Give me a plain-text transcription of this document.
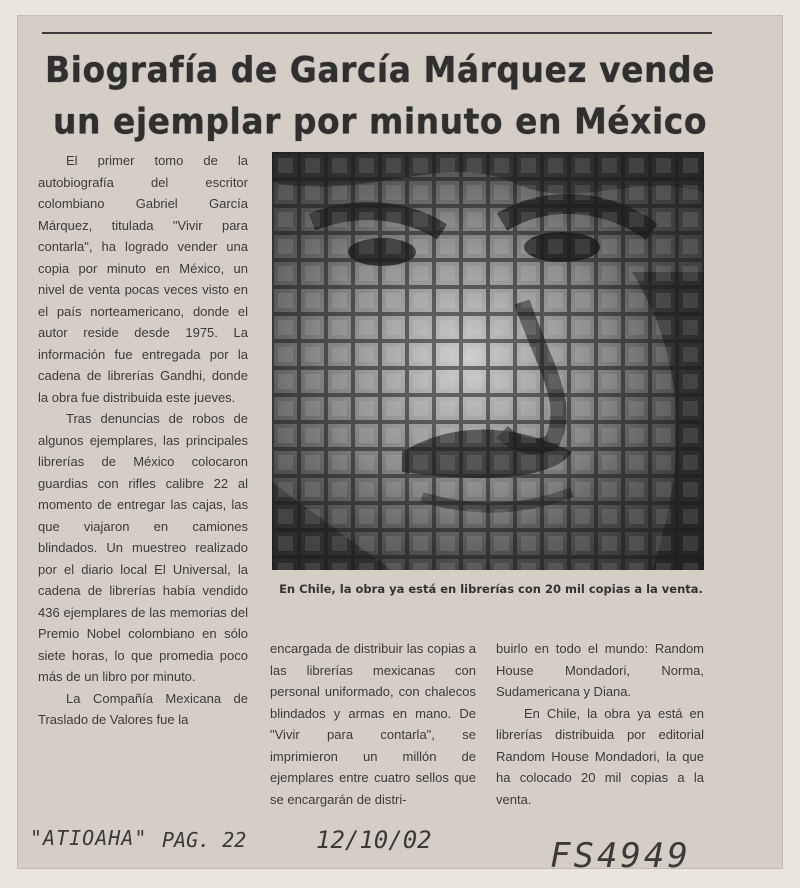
Biografía de García Márquez vende un ejemplar por minuto en México

El primer tomo de la autobiografía del escritor colombiano Gabriel García Márquez, titulada "Vivir para contarla", ha logrado vender una copia por minuto en México, un nivel de venta pocas veces visto en el país norteamericano, donde el autor reside desde 1975. La información fue entregada por la cadena de librerías Gandhi, donde la obra fue distribuida este jueves.

Tras denuncias de robos de algunos ejemplares, las principales librerías de México colocaron guardias con rifles calibre 22 al momento de entregar las cajas, las que viajaron en camiones blindados. Un muestreo realizado por el diario local El Universal, la cadena de librerías había vendido 436 ejemplares de las memorias del Premio Nobel colombiano en sólo siete horas, lo que promedia poco más de un libro por minuto.

La Compañía Mexicana de Traslado de Valores fue la

En Chile, la obra ya está en librerías con 20 mil copias a la venta.

encargada de distribuir las copias a las librerías mexicanas con personal uniformado, con chalecos blindados y armas en mano. De "Vivir para contarla", se imprimieron un millón de ejemplares entre cuatro sellos que se encargarán de distri-

buirlo en todo el mundo: Random House Mondadori, Norma, Sudamericana y Diana.

En Chile, la obra ya está en librerías distribuida por editorial Random House Mondadori, la que ha colocado 20 mil copias a la venta.

"ATIOAHA" PAG. 22	12/10/02	FS4949
